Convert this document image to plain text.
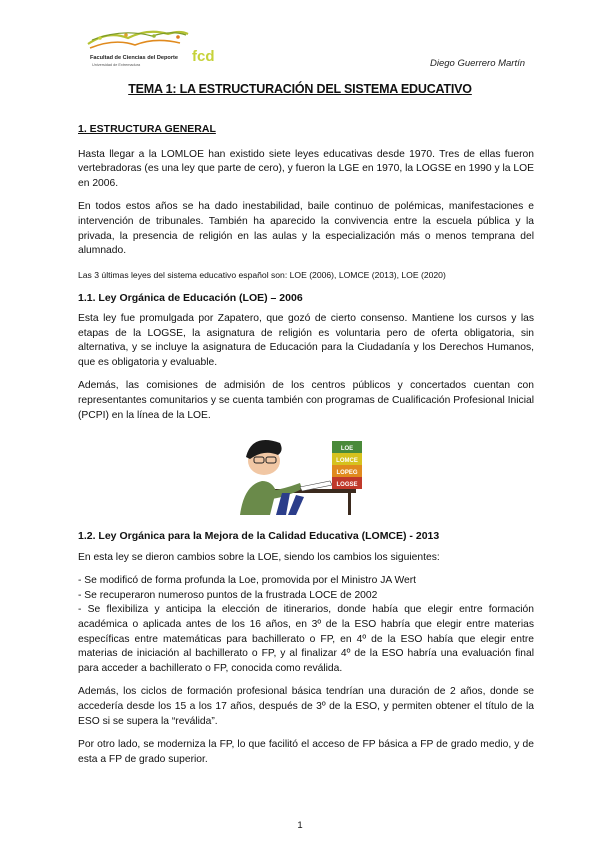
Facultad de Ciencias del Deporte
Universidad de Extremadura	fcd	Diego Guerrero Martín
TEMA 1: LA ESTRUCTURACIÓN DEL SISTEMA EDUCATIVO

1. ESTRUCTURA GENERAL

Hasta llegar a la LOMLOE han existido siete leyes educativas desde 1970. Tres de ellas fueron vertebradoras (es una ley que parte de cero), y fueron la LGE en 1970, la LOGSE en 1990 y la LOE en 2006.

En todos estos años se ha dado inestabilidad, baile continuo de polémicas, manifestaciones e intervención de tribunales. También ha aparecido la convivencia entre la escuela pública y la privada, la presencia de religión en las aulas y la especialización más o menos temprana del alumnado.

Las 3 últimas leyes del sistema educativo español son: LOE (2006), LOMCE (2013), LOE (2020)

1.1. Ley Orgánica de Educación (LOE) – 2006

Esta ley fue promulgada por Zapatero, que gozó de cierto consenso. Mantiene los cursos y las etapas de la LOGSE, la asignatura de religión es voluntaria pero de oferta obligatoria, sin alternativa, y se incluye la asignatura de Educación para la Ciudadanía y los Derechos Humanos, que es obligatoria y evaluable.

Además, las comisiones de admisión de los centros públicos y concertados cuentan con representantes comunitarios y se cuenta también con programas de Cualificación Profesional Inicial (PCPI) en la línea de la LOE.

LOE
LOMCE
LOPEG
LOGSE

1.2. Ley Orgánica para la Mejora de la Calidad Educativa (LOMCE) - 2013

En esta ley se dieron cambios sobre la LOE, siendo los cambios los siguientes:

- Se modificó de forma profunda la Loe, promovida por el Ministro JA Wert
- Se recuperaron numeroso puntos de la frustrada LOCE de 2002
- Se flexibiliza y anticipa la elección de itinerarios, donde había que elegir entre formación académica o aplicada antes de los 16 años, en 3º de la ESO habría que elegir entre materias específicas entre matemáticas para bachillerato o FP, en 4º de la ESO había que elegir entre materias de iniciación al bachillerato o FP, y al finalizar 4º de la ESO habría una evaluación final para acceder a bachillerato o FP, conocida como reválida.

Además, los ciclos de formación profesional básica tendrían una duración de 2 años, donde se accedería desde los 15 a los 17 años, después de 3º de la ESO, y permiten obtener el título de la ESO si se supera la “reválida”.

Por otro lado, se moderniza la FP, lo que facilitó el acceso de FP básica a FP de grado medio, y de esta a FP de grado superior.

1
